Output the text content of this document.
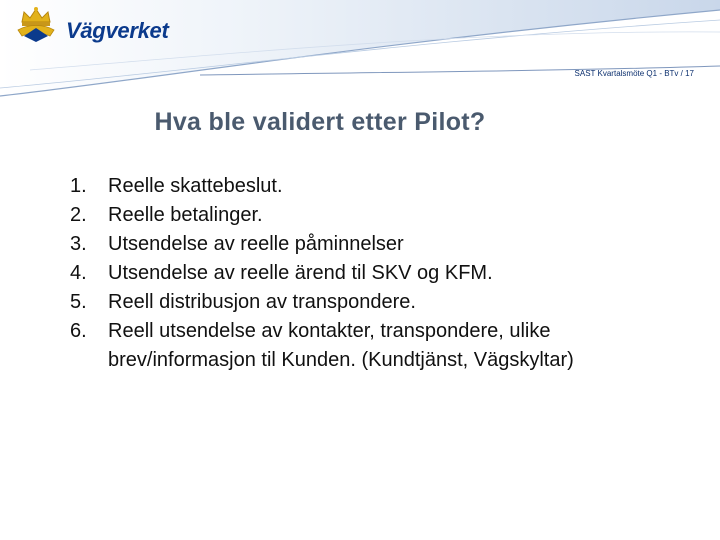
Vägverket
SAST Kvartalsmöte Q1 - BTv / 17
Hva ble validert etter Pilot?
1.	Reelle skattebeslut.
2.	Reelle betalinger.
3.	Utsendelse av reelle påminnelser
4.	Utsendelse av reelle ärend til SKV og KFM.
5.	Reell distribusjon av transpondere.
6.	Reell utsendelse av kontakter, transpondere, ulike brev/informasjon til Kunden. (Kundtjänst, Vägskyltar)
